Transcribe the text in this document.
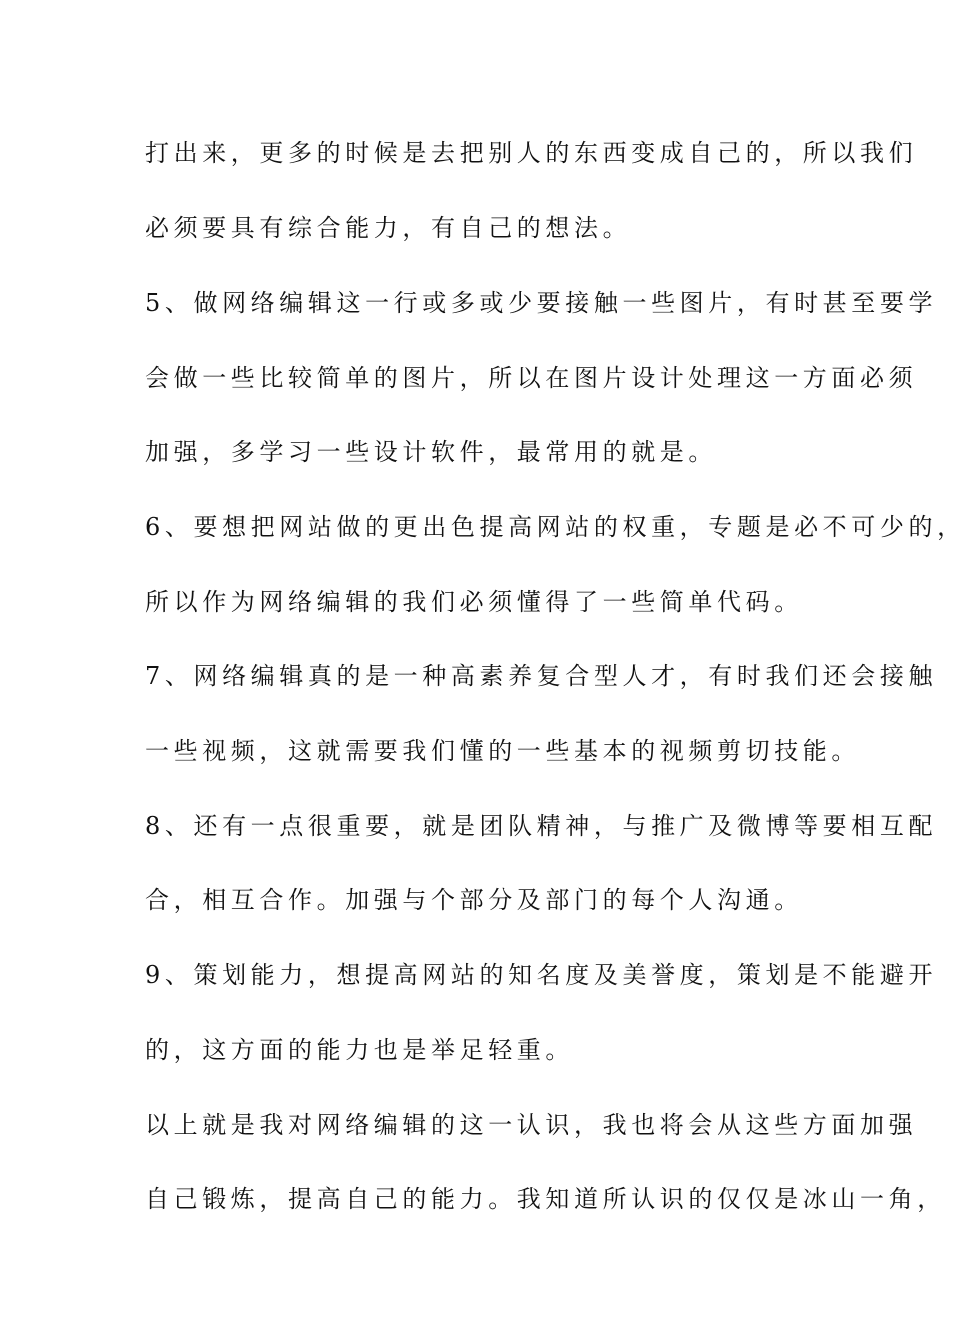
打出来，更多的时候是去把别人的东西变成自己的，所以我们
必须要具有综合能力，有自己的想法。
5、做网络编辑这一行或多或少要接触一些图片，有时甚至要学
会做一些比较简单的图片，所以在图片设计处理这一方面必须
加强，多学习一些设计软件，最常用的就是。
6、要想把网站做的更出色提高网站的权重，专题是必不可少的，
所以作为网络编辑的我们必须懂得了一些简单代码。
7、网络编辑真的是一种高素养复合型人才，有时我们还会接触
一些视频，这就需要我们懂的一些基本的视频剪切技能。
8、还有一点很重要，就是团队精神，与推广及微博等要相互配
合，相互合作。加强与个部分及部门的每个人沟通。
9、策划能力，想提高网站的知名度及美誉度，策划是不能避开
的，这方面的能力也是举足轻重。
以上就是我对网络编辑的这一认识，我也将会从这些方面加强
自己锻炼，提高自己的能力。我知道所认识的仅仅是冰山一角，
